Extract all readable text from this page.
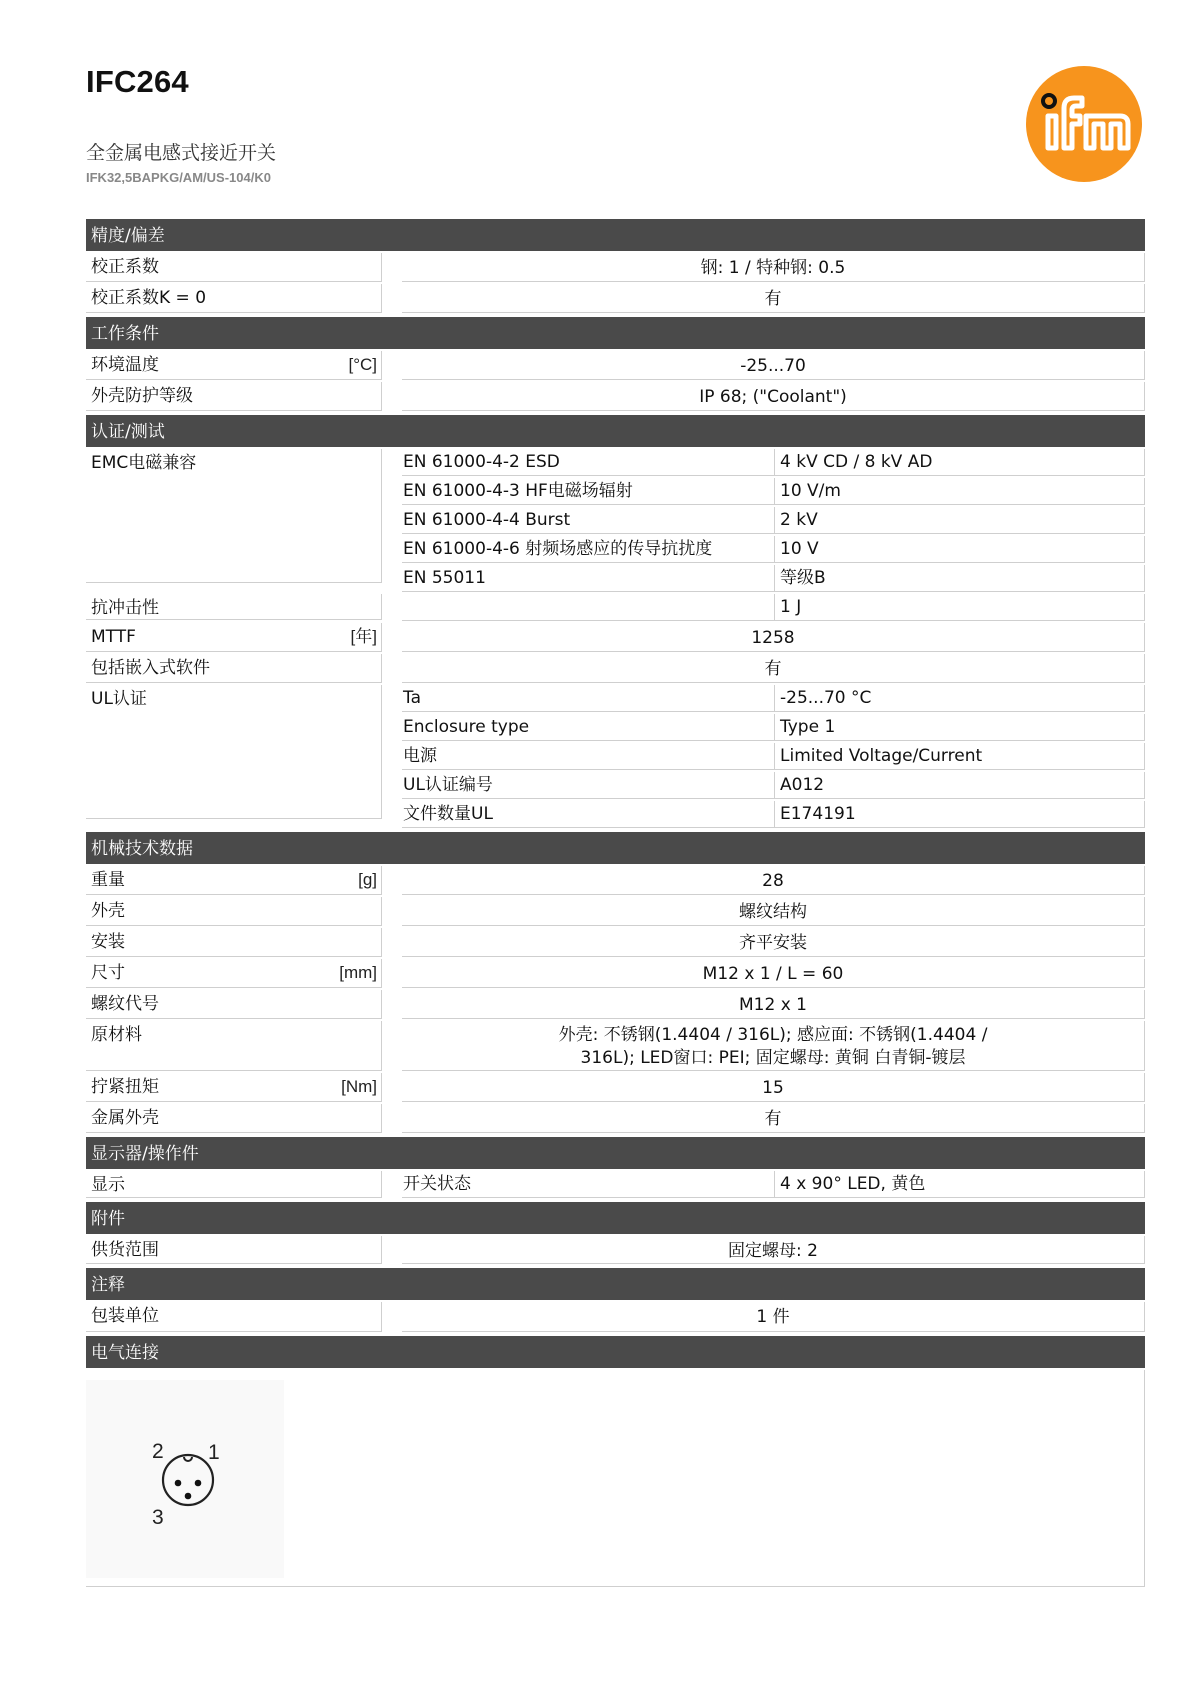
IFC264
全金属电感式接近开关
IFK32,5BAPKG/AM/US-104/K0
精度/偏差
校正系数	钢: 1 / 特种钢: 0.5
校正系数K = 0	有
工作条件
环境温度	[°C]	-25...70
外壳防护等级	IP 68; ("Coolant")
认证/测试
EMC电磁兼容	EN 61000-4-2 ESD	4 kV CD / 8 kV AD
EN 61000-4-3 HF电磁场辐射	10 V/m
EN 61000-4-4 Burst	2 kV
EN 61000-4-6 射频场感应的传导抗扰度	10 V
EN 55011	等级B
抗冲击性	1 J
MTTF	[年]	1258
包括嵌入式软件	有
UL认证	Ta	-25...70 °C
Enclosure type	Type 1
电源	Limited Voltage/Current
UL认证编号	A012
文件数量UL	E174191
机械技术数据
重量	[g]	28
外壳	螺纹结构
安装	齐平安装
尺寸	[mm]	M12 x 1 / L = 60
螺纹代号	M12 x 1
原材料	外壳: 不锈钢(1.4404 / 316L); 感应面: 不锈钢(1.4404 /
316L); LED窗口: PEI; 固定螺母: 黄铜 白青铜-镀层
拧紧扭矩	[Nm]	15
金属外壳	有
显示器/操作件
显示	开关状态	4 x 90° LED, 黄色
附件
供货范围	固定螺母: 2
注释
包装单位	1 件
电气连接
2 1
3
